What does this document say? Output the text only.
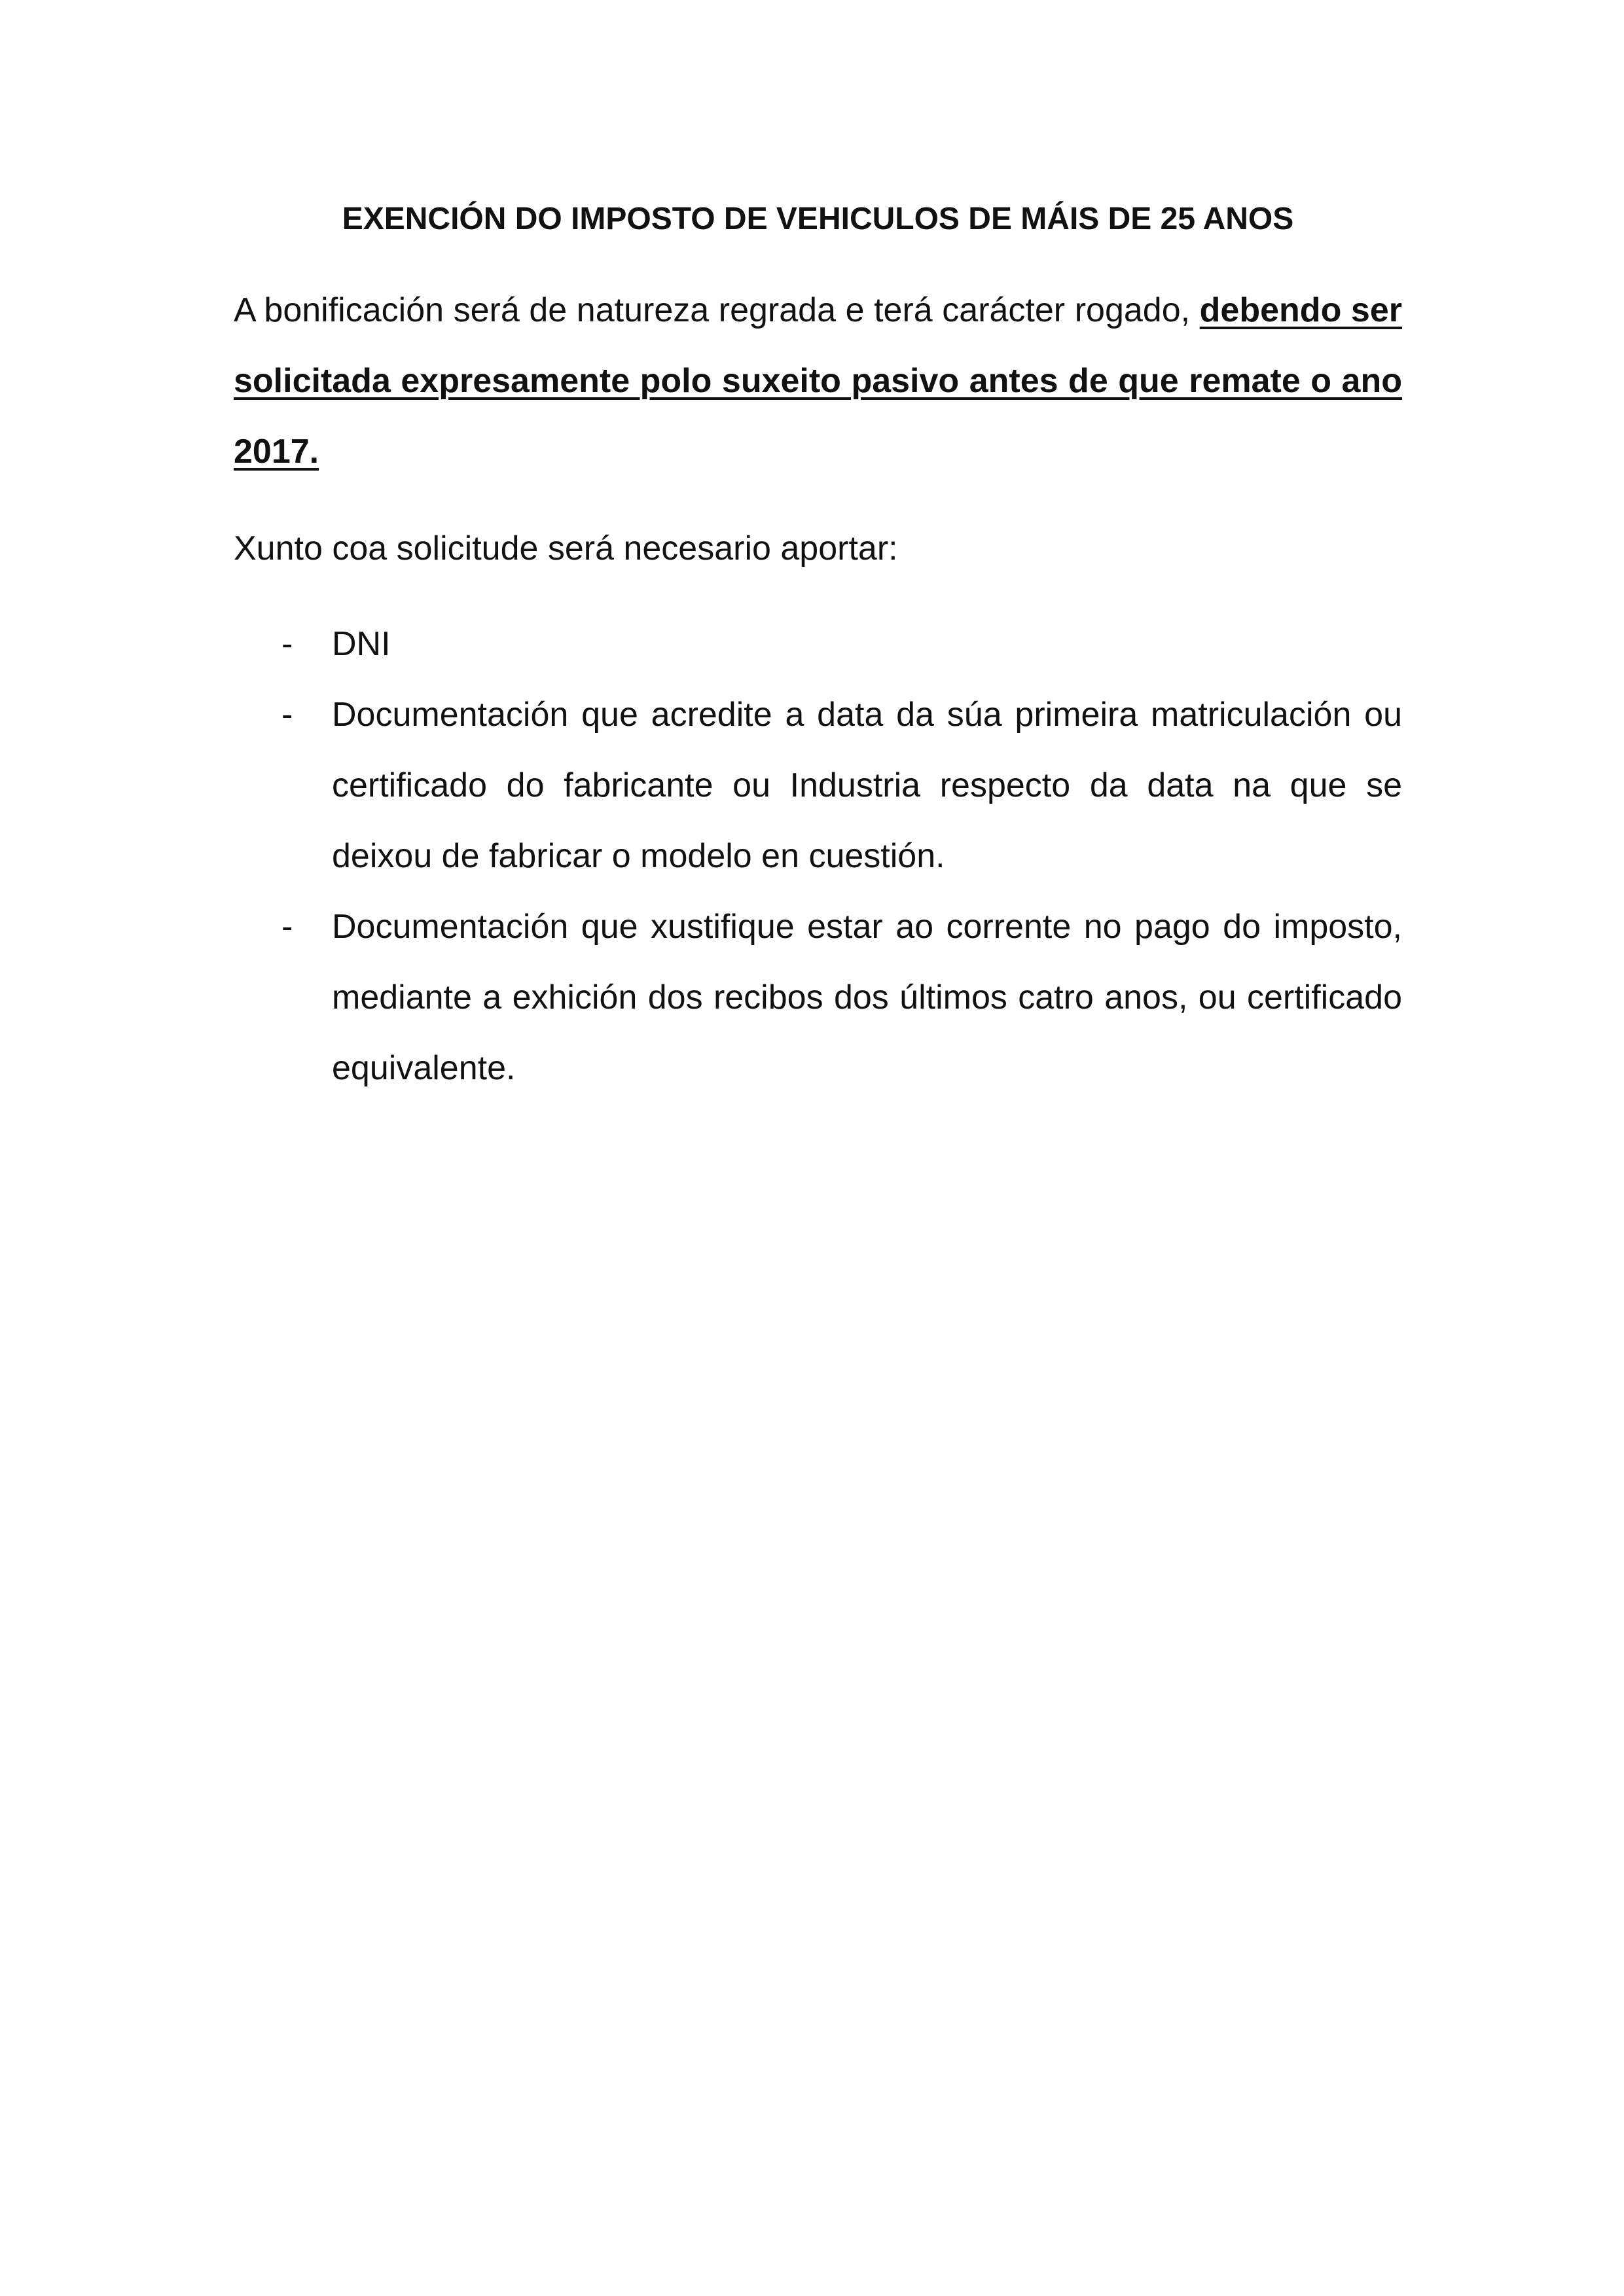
EXENCIÓN DO IMPOSTO DE VEHICULOS DE MÁIS DE 25 ANOS

A bonificación será de natureza regrada e terá carácter rogado, debendo ser solicitada expresamente polo suxeito pasivo antes de que remate o ano 2017.

Xunto coa solicitude será necesario aportar:

- DNI
- Documentación que acredite a data da súa primeira matriculación ou certificado do fabricante ou Industria respecto da data na que se deixou de fabricar o modelo en cuestión.
- Documentación que xustifique estar ao corrente no pago do imposto, mediante a exhición dos recibos dos últimos catro anos, ou certificado equivalente.
